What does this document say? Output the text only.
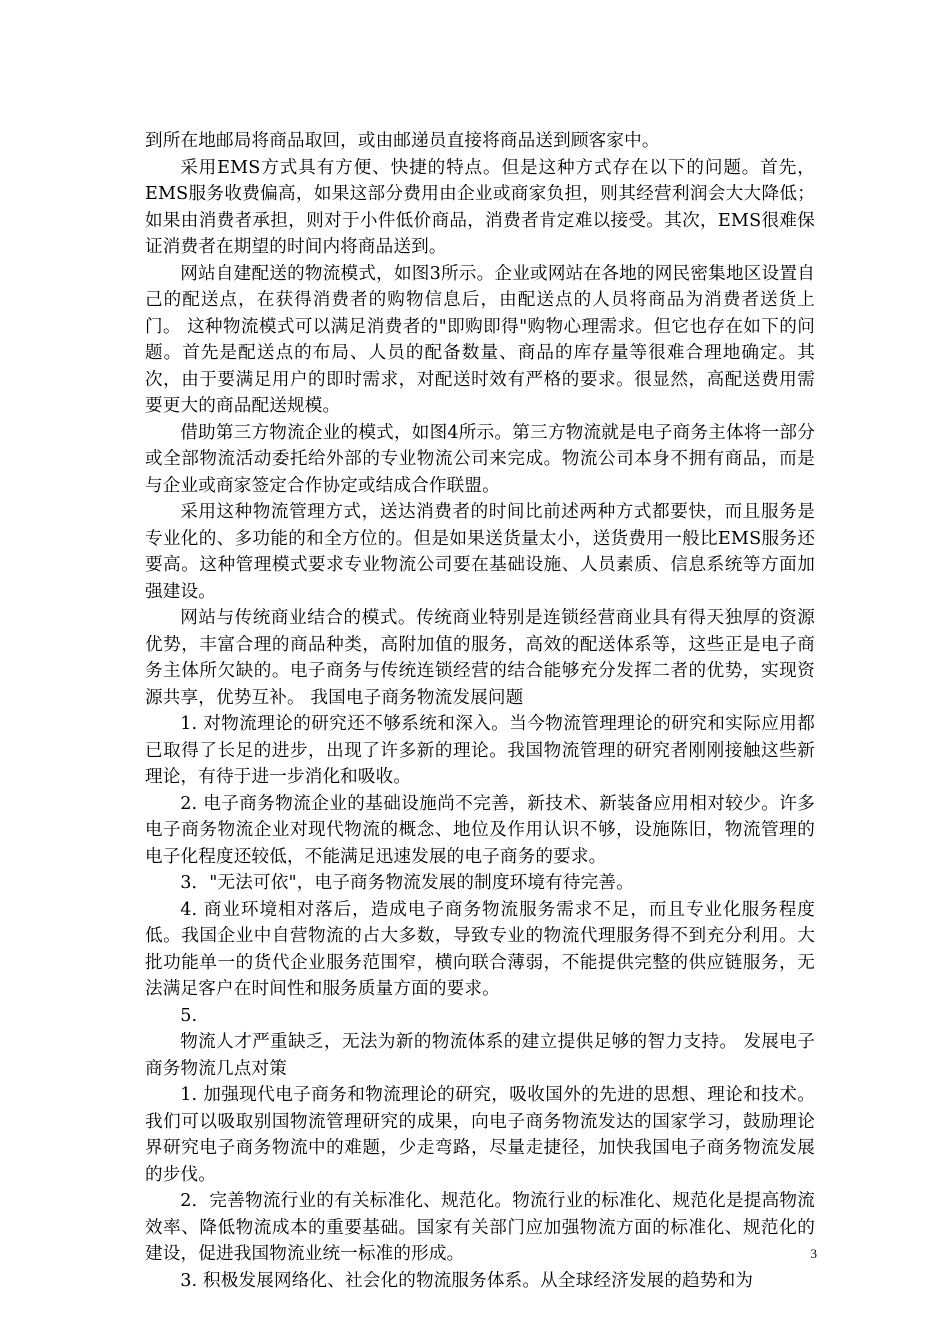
到所在地邮局将商品取回，或由邮递员直接将商品送到顾客家中。

采用EMS方式具有方便、快捷的特点。但是这种方式存在以下的问题。首先，EMS服务收费偏高，如果这部分费用由企业或商家负担，则其经营利润会大大降低；如果由消费者承担，则对于小件低价商品，消费者肯定难以接受。其次，EMS很难保证消费者在期望的时间内将商品送到。

网站自建配送的物流模式，如图3所示。企业或网站在各地的网民密集地区设置自己的配送点，在获得消费者的购物信息后，由配送点的人员将商品为消费者送货上门。 这种物流模式可以满足消费者的"即购即得"购物心理需求。但它也存在如下的问题。首先是配送点的布局、人员的配备数量、商品的库存量等很难合理地确定。其次，由于要满足用户的即时需求，对配送时效有严格的要求。很显然，高配送费用需要更大的商品配送规模。

借助第三方物流企业的模式，如图4所示。第三方物流就是电子商务主体将一部分或全部物流活动委托给外部的专业物流公司来完成。物流公司本身不拥有商品，而是与企业或商家签定合作协定或结成合作联盟。

采用这种物流管理方式，送达消费者的时间比前述两种方式都要快，而且服务是专业化的、多功能的和全方位的。但是如果送货量太小，送货费用一般比EMS服务还要高。这种管理模式要求专业物流公司要在基础设施、人员素质、信息系统等方面加强建设。

网站与传统商业结合的模式。传统商业特别是连锁经营商业具有得天独厚的资源优势，丰富合理的商品种类，高附加值的服务，高效的配送体系等，这些正是电子商务主体所欠缺的。电子商务与传统连锁经营的结合能够充分发挥二者的优势，实现资源共享，优势互补。 我国电子商务物流发展问题

1. 对物流理论的研究还不够系统和深入。当今物流管理理论的研究和实际应用都已取得了长足的进步，出现了许多新的理论。我国物流管理的研究者刚刚接触这些新理论，有待于进一步消化和吸收。

2. 电子商务物流企业的基础设施尚不完善，新技术、新装备应用相对较少。许多电子商务物流企业对现代物流的概念、地位及作用认识不够，设施陈旧，物流管理的电子化程度还较低，不能满足迅速发展的电子商务的要求。

3．"无法可依"，电子商务物流发展的制度环境有待完善。

4. 商业环境相对落后，造成电子商务物流服务需求不足，而且专业化服务程度低。我国企业中自营物流的占大多数，导致专业的物流代理服务得不到充分利用。大批功能单一的货代企业服务范围窄，横向联合薄弱，不能提供完整的供应链服务，无法满足客户在时间性和服务质量方面的要求。

5.

物流人才严重缺乏，无法为新的物流体系的建立提供足够的智力支持。 发展电子商务物流几点对策

1. 加强现代电子商务和物流理论的研究，吸收国外的先进的思想、理论和技术。我们可以吸取别国物流管理研究的成果，向电子商务物流发达的国家学习，鼓励理论界研究电子商务物流中的难题，少走弯路，尽量走捷径，加快我国电子商务物流发展的步伐。

2．完善物流行业的有关标准化、规范化。物流行业的标准化、规范化是提高物流效率、降低物流成本的重要基础。国家有关部门应加强物流方面的标准化、规范化的建设，促进我国物流业统一标准的形成。

3. 积极发展网络化、社会化的物流服务体系。从全球经济发展的趋势和为

3
